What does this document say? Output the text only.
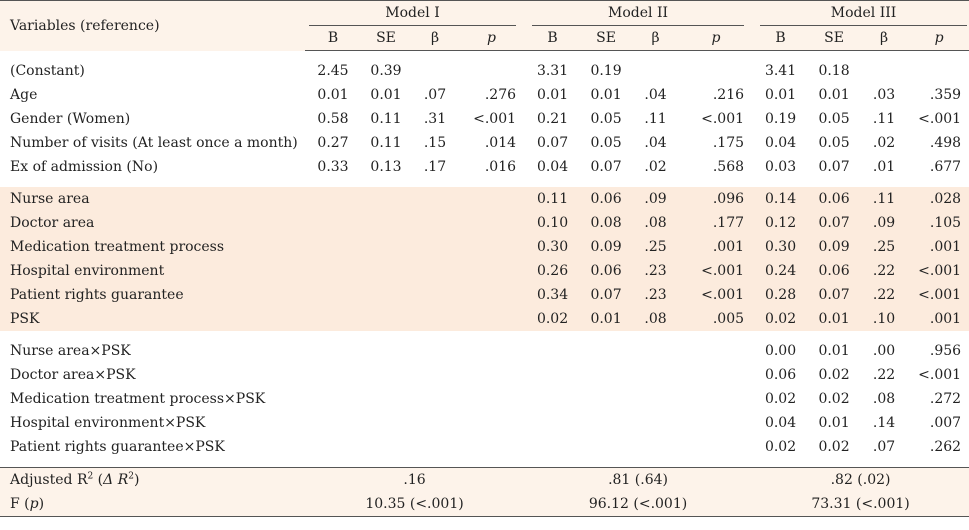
Variables (reference)	Model I				Model II				Model III			

	B	SE	β	p	B	SE	β	p	B	SE	β	p

(Constant)	2.45	0.39			3.31	0.19			3.41	0.18		
Age	0.01	0.01	.07	.276	0.01	0.01	.04	.216	0.01	0.01	.03	.359
Gender (Women)	0.58	0.11	.31	<.001	0.21	0.05	.11	<.001	0.19	0.05	.11	<.001
Number of visits (At least once a month)	0.27	0.11	.15	.014	0.07	0.05	.04	.175	0.04	0.05	.02	.498
Ex of admission (No)	0.33	0.13	.17	.016	0.04	0.07	.02	.568	0.03	0.07	.01	.677

Nurse area					0.11	0.06	.09	.096	0.14	0.06	.11	.028
Doctor area					0.10	0.08	.08	.177	0.12	0.07	.09	.105
Medication treatment process					0.30	0.09	.25	.001	0.30	0.09	.25	.001
Hospital environment					0.26	0.06	.23	<.001	0.24	0.06	.22	<.001
Patient rights guarantee					0.34	0.07	.23	<.001	0.28	0.07	.22	<.001
PSK					0.02	0.01	.08	.005	0.02	0.01	.10	.001

Nurse area×PSK									0.00	0.01	.00	.956
Doctor area×PSK									0.06	0.02	.22	<.001
Medication treatment process×PSK									0.02	0.02	.08	.272
Hospital environment×PSK									0.04	0.01	.14	.007
Patient rights guarantee×PSK									0.02	0.02	.07	.262

Adjusted $R^2$ (Δ $R^2$)	.16				.81 (.64)				.82 (.02)			
F (p)	10.35 (<.001)				96.12 (<.001)				73.31 (<.001)			
